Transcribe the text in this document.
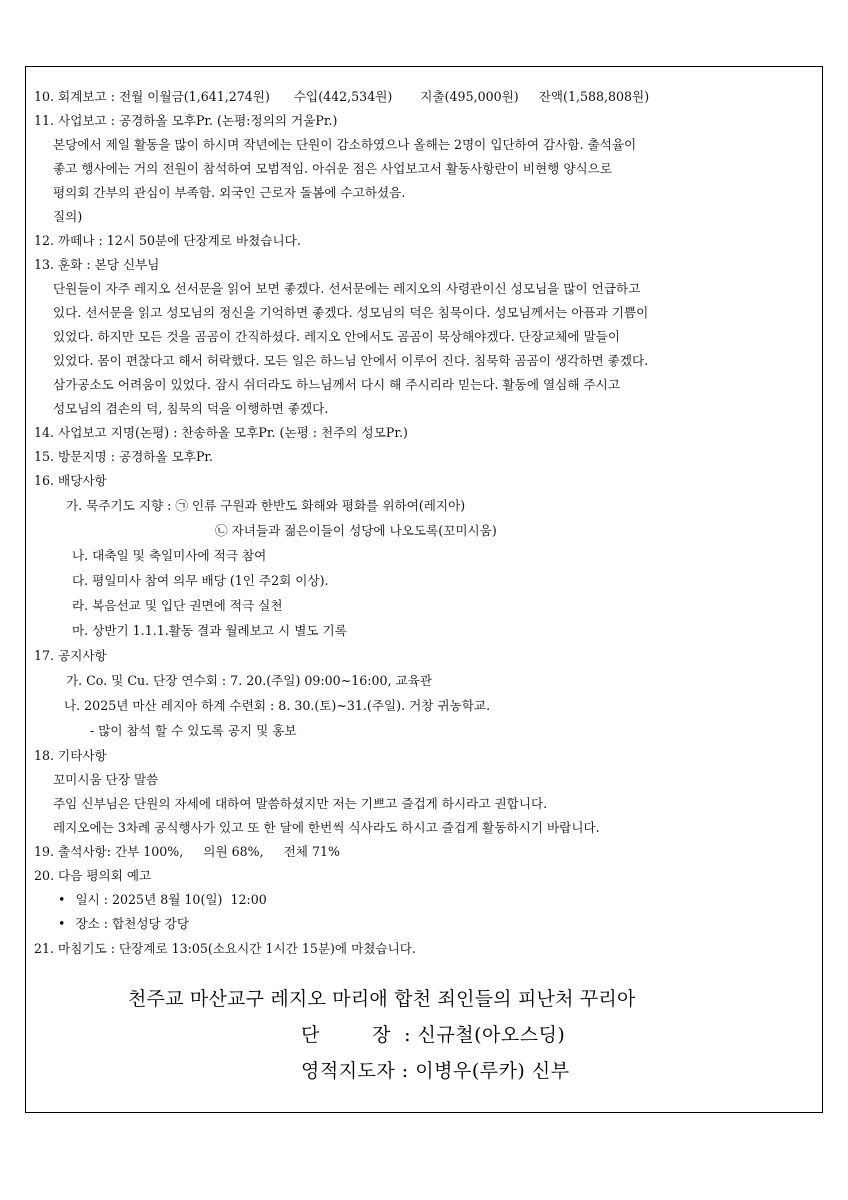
10. 회계보고 : 전월 이월금(1,641,274원)      수입(442,534원)       지출(495,000원)     잔액(1,588,808원)
11. 사업보고 : 공경하올 모후Pr. (논평:정의의 거울Pr.)
본당에서 제일 활동을 많이 하시며 작년에는 단원이 감소하였으나 올해는 2명이 입단하여 감사함. 출석율이
좋고 행사에는 거의 전원이 참석하여 모범적임. 아쉬운 점은 사업보고서 활동사항란이 비현행 양식으로
평의회 간부의 관심이 부족함. 외국인 근로자 돌봄에 수고하셨음.
질의)
12. 까떼나 : 12시 50분에 단장계로 바쳤습니다.
13. 훈화 : 본당 신부님
단원들이 자주 레지오 선서문을 읽어 보면 좋겠다. 선서문에는 레지오의 사령관이신 성모님을 많이 언급하고
있다. 선서문을 읽고 성모님의 정신을 기억하면 좋겠다. 성모님의 덕은 침묵이다. 성모님께서는 아픔과 기쁨이
있었다. 하지만 모든 것을 곰곰이 간직하셨다. 레지오 안에서도 곰곰이 묵상해야겠다. 단장교체에 말들이
있었다. 몸이 편찮다고 해서 허락했다. 모든 일은 하느님 안에서 이루어 진다. 침묵학 곰곰이 생각하면 좋겠다.
삼가공소도 어려움이 있었다. 잠시 쉬더라도 하느님께서 다시 해 주시리라 믿는다. 활동에 열심해 주시고
성모님의 겸손의 덕, 침묵의 덕을 이행하면 좋겠다.
14. 사업보고 지명(논평) : 찬송하올 모후Pr. (논평 : 천주의 성모Pr.)
15. 방문지명 : 공경하올 모후Pr.
16. 배당사항
가. 묵주기도 지향 : ㉠ 인류 구원과 한반도 화해와 평화를 위하여(레지아)
㉡ 자녀들과 젊은이들이 성당에 나오도록(꼬미시움)
나. 대축일 및 축일미사에 적극 참여
다. 평일미사 참여 의무 배당 (1인 주2회 이상).
라. 복음선교 및 입단 권면에 적극 실천
마. 상반기 1.1.1.활동 결과 월례보고 시 별도 기록
17. 공지사항
가. Co. 및 Cu. 단장 연수회 : 7. 20.(주일) 09:00~16:00, 교육관
나. 2025년 마산 레지아 하계 수련회 : 8. 30.(토)~31.(주일). 거창 귀농학교.
- 많이 참석 할 수 있도록 공지 및 홍보
18. 기타사항
꼬미시움 단장 말씀
주임 신부님은 단원의 자세에 대하여 말씀하셨지만 저는 기쁘고 즐겁게 하시라고 권합니다.
레지오에는 3차례 공식행사가 있고 또 한 달에 한번씩 식사라도 하시고 즐겁게 활동하시기 바랍니다.
19. 출석사항: 간부 100%,     의원 68%,     전체 71%
20. 다음 평의회 예고
• 일시 : 2025년 8월 10(일)  12:00
• 장소 : 합천성당 강당
21. 마침기도 : 단장계로 13:05(소요시간 1시간 15분)에 마쳤습니다.
천주교 마산교구 레지오 마리애 합천 죄인들의 피난처 꾸리아
단        장  : 신규철(아오스딩)
영적지도자 : 이병우(루카) 신부
